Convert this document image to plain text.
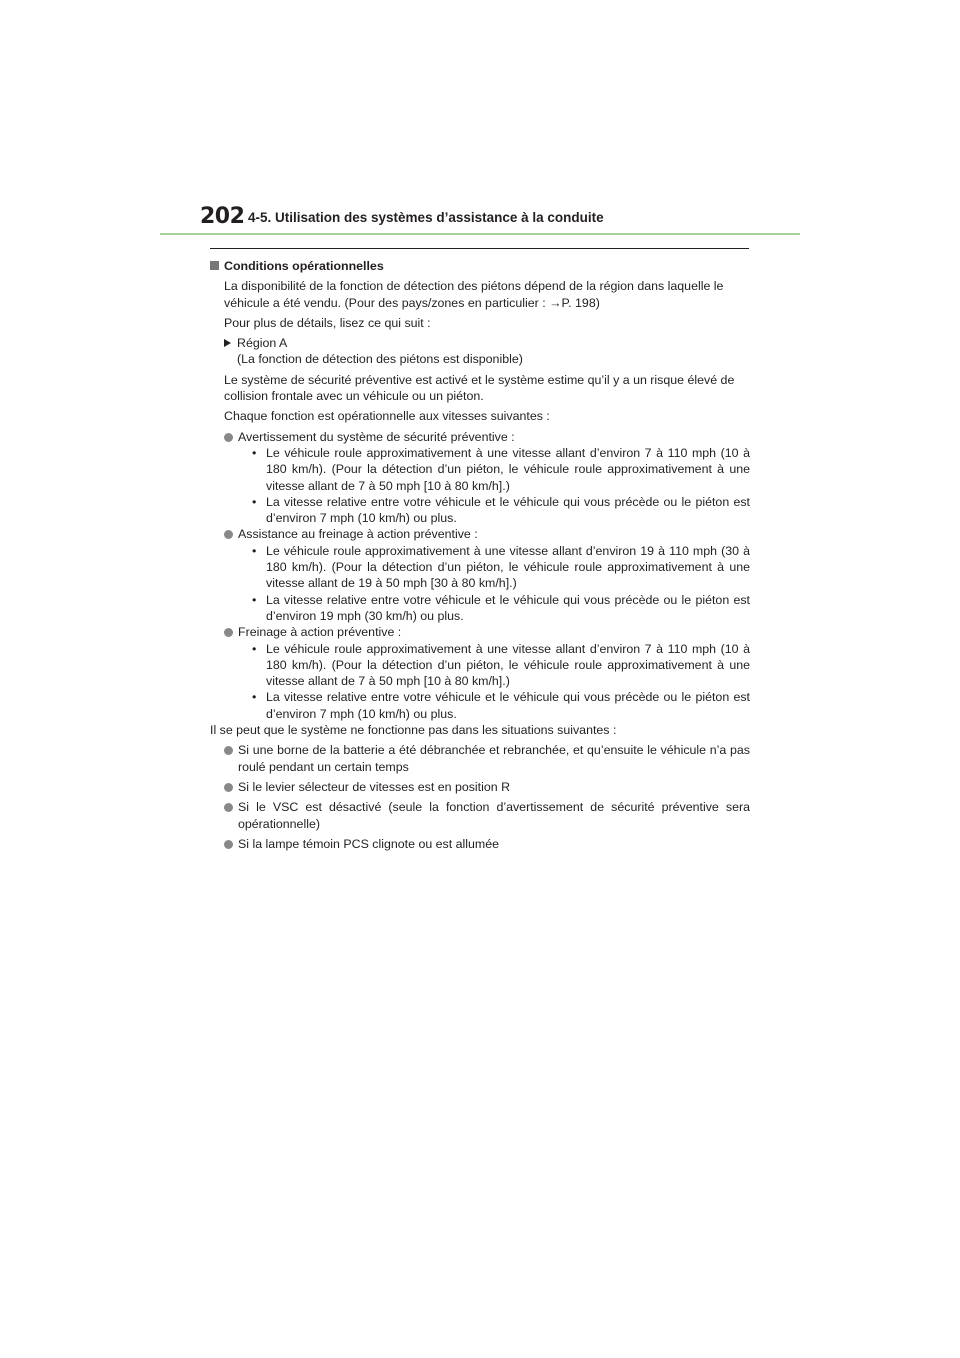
202 4-5. Utilisation des systèmes d’assistance à la conduite
Conditions opérationnelles

La disponibilité de la fonction de détection des piétons dépend de la région dans laquelle le véhicule a été vendu. (Pour des pays/zones en particulier : →P. 198)

Pour plus de détails, lisez ce qui suit :

Région A
(La fonction de détection des piétons est disponible)

Le système de sécurité préventive est activé et le système estime qu’il y a un risque élevé de collision frontale avec un véhicule ou un piéton.

Chaque fonction est opérationnelle aux vitesses suivantes :

Avertissement du système de sécurité préventive :
• Le véhicule roule approximativement à une vitesse allant d’environ 7 à 110 mph (10 à 180 km/h). (Pour la détection d’un piéton, le véhicule roule approximativement à une vitesse allant de 7 à 50 mph [10 à 80 km/h].)
• La vitesse relative entre votre véhicule et le véhicule qui vous précède ou le piéton est d’environ 7 mph (10 km/h) ou plus.
Assistance au freinage à action préventive :
• Le véhicule roule approximativement à une vitesse allant d’environ 19 à 110 mph (30 à 180 km/h). (Pour la détection d’un piéton, le véhicule roule approximativement à une vitesse allant de 19 à 50 mph [30 à 80 km/h].)
• La vitesse relative entre votre véhicule et le véhicule qui vous précède ou le piéton est d’environ 19 mph (30 km/h) ou plus.
Freinage à action préventive :
• Le véhicule roule approximativement à une vitesse allant d’environ 7 à 110 mph (10 à 180 km/h). (Pour la détection d’un piéton, le véhicule roule approximativement à une vitesse allant de 7 à 50 mph [10 à 80 km/h].)
• La vitesse relative entre votre véhicule et le véhicule qui vous précède ou le piéton est d’environ 7 mph (10 km/h) ou plus.

Il se peut que le système ne fonctionne pas dans les situations suivantes :

Si une borne de la batterie a été débranchée et rebranchée, et qu’ensuite le véhicule n’a pas roulé pendant un certain temps
Si le levier sélecteur de vitesses est en position R
Si le VSC est désactivé (seule la fonction d’avertissement de sécurité préventive sera opérationnelle)
Si la lampe témoin PCS clignote ou est allumée
